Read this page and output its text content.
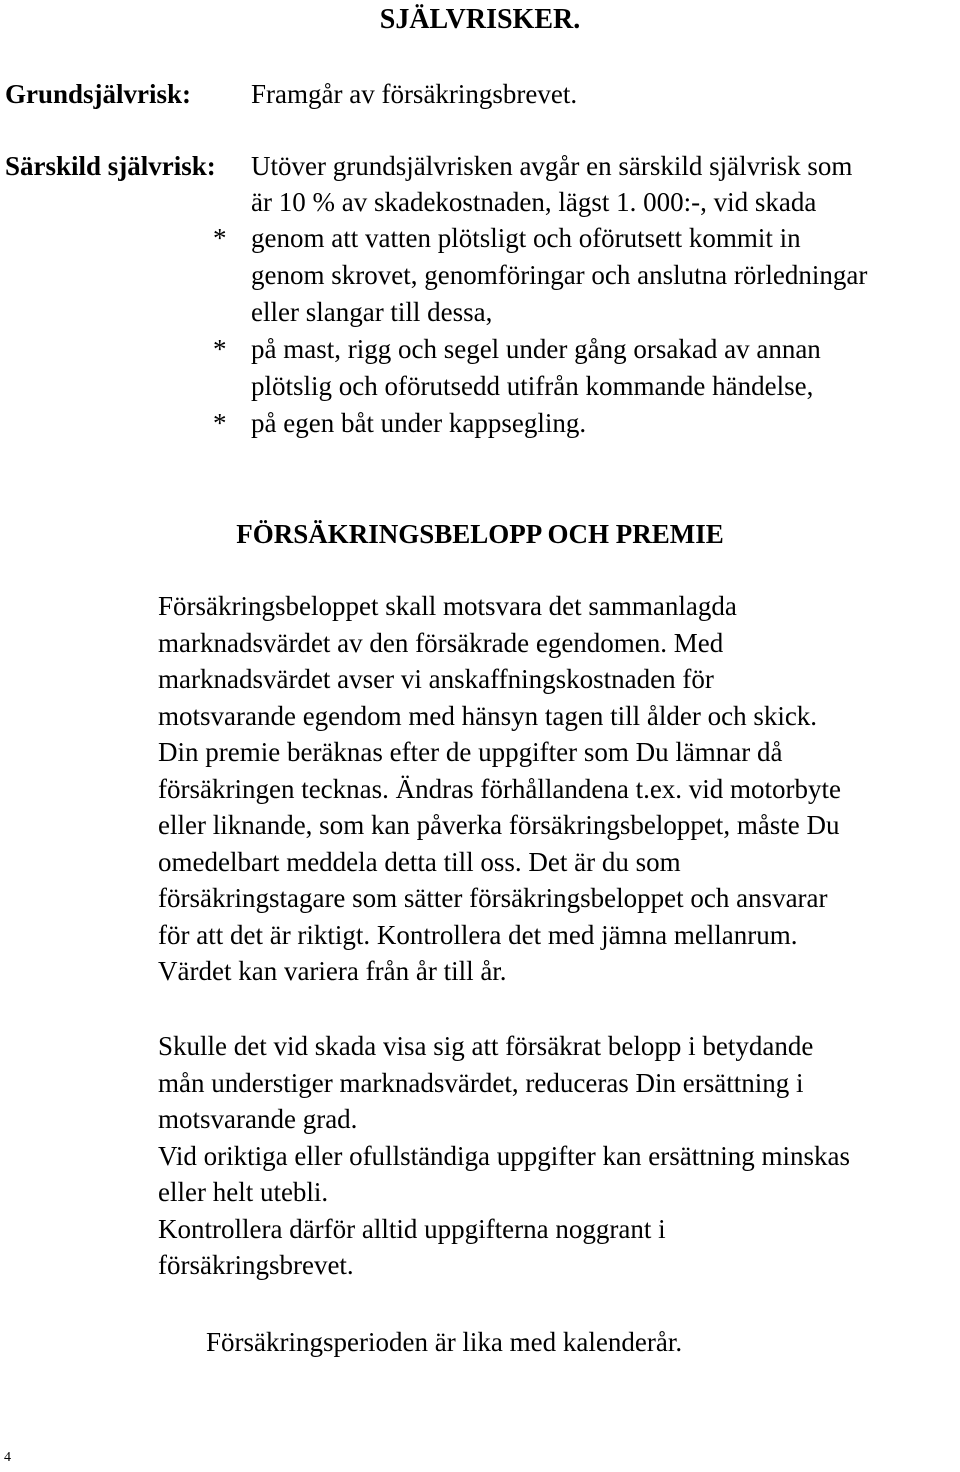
SJÄLVRISKER.
Grundsjälvrisk: Framgår av försäkringsbrevet.
Särskild självrisk: Utöver grundsjälvrisken avgår en särskild självrisk som
är 10 % av skadekostnaden, lägst 1. 000:-, vid skada
* genom att vatten plötsligt och oförutsett kommit in
genom skrovet, genomföringar och anslutna rörledningar
eller slangar till dessa,
* på mast, rigg och segel under gång orsakad av annan
plötslig och oförutsedd utifrån kommande händelse,
* på egen båt under kappsegling.
FÖRSÄKRINGSBELOPP OCH PREMIE
Försäkringsbeloppet skall motsvara det sammanlagda
marknadsvärdet av den försäkrade egendomen. Med
marknadsvärdet avser vi anskaffningskostnaden för
motsvarande egendom med hänsyn tagen till ålder och skick.
Din premie beräknas efter de uppgifter som Du lämnar då
försäkringen tecknas. Ändras förhållandena t.ex. vid motorbyte
eller liknande, som kan påverka försäkringsbeloppet, måste Du
omedelbart meddela detta till oss. Det är du som
försäkringstagare som sätter försäkringsbeloppet och ansvarar
för att det är riktigt. Kontrollera det med jämna mellanrum.
Värdet kan variera från år till år.
Skulle det vid skada visa sig att försäkrat belopp i betydande
mån understiger marknadsvärdet, reduceras Din ersättning i
motsvarande grad.
Vid oriktiga eller ofullständiga uppgifter kan ersättning minskas
eller helt utebli.
Kontrollera därför alltid uppgifterna noggrant i
försäkringsbrevet.
Försäkringsperioden är lika med kalenderår.
4
